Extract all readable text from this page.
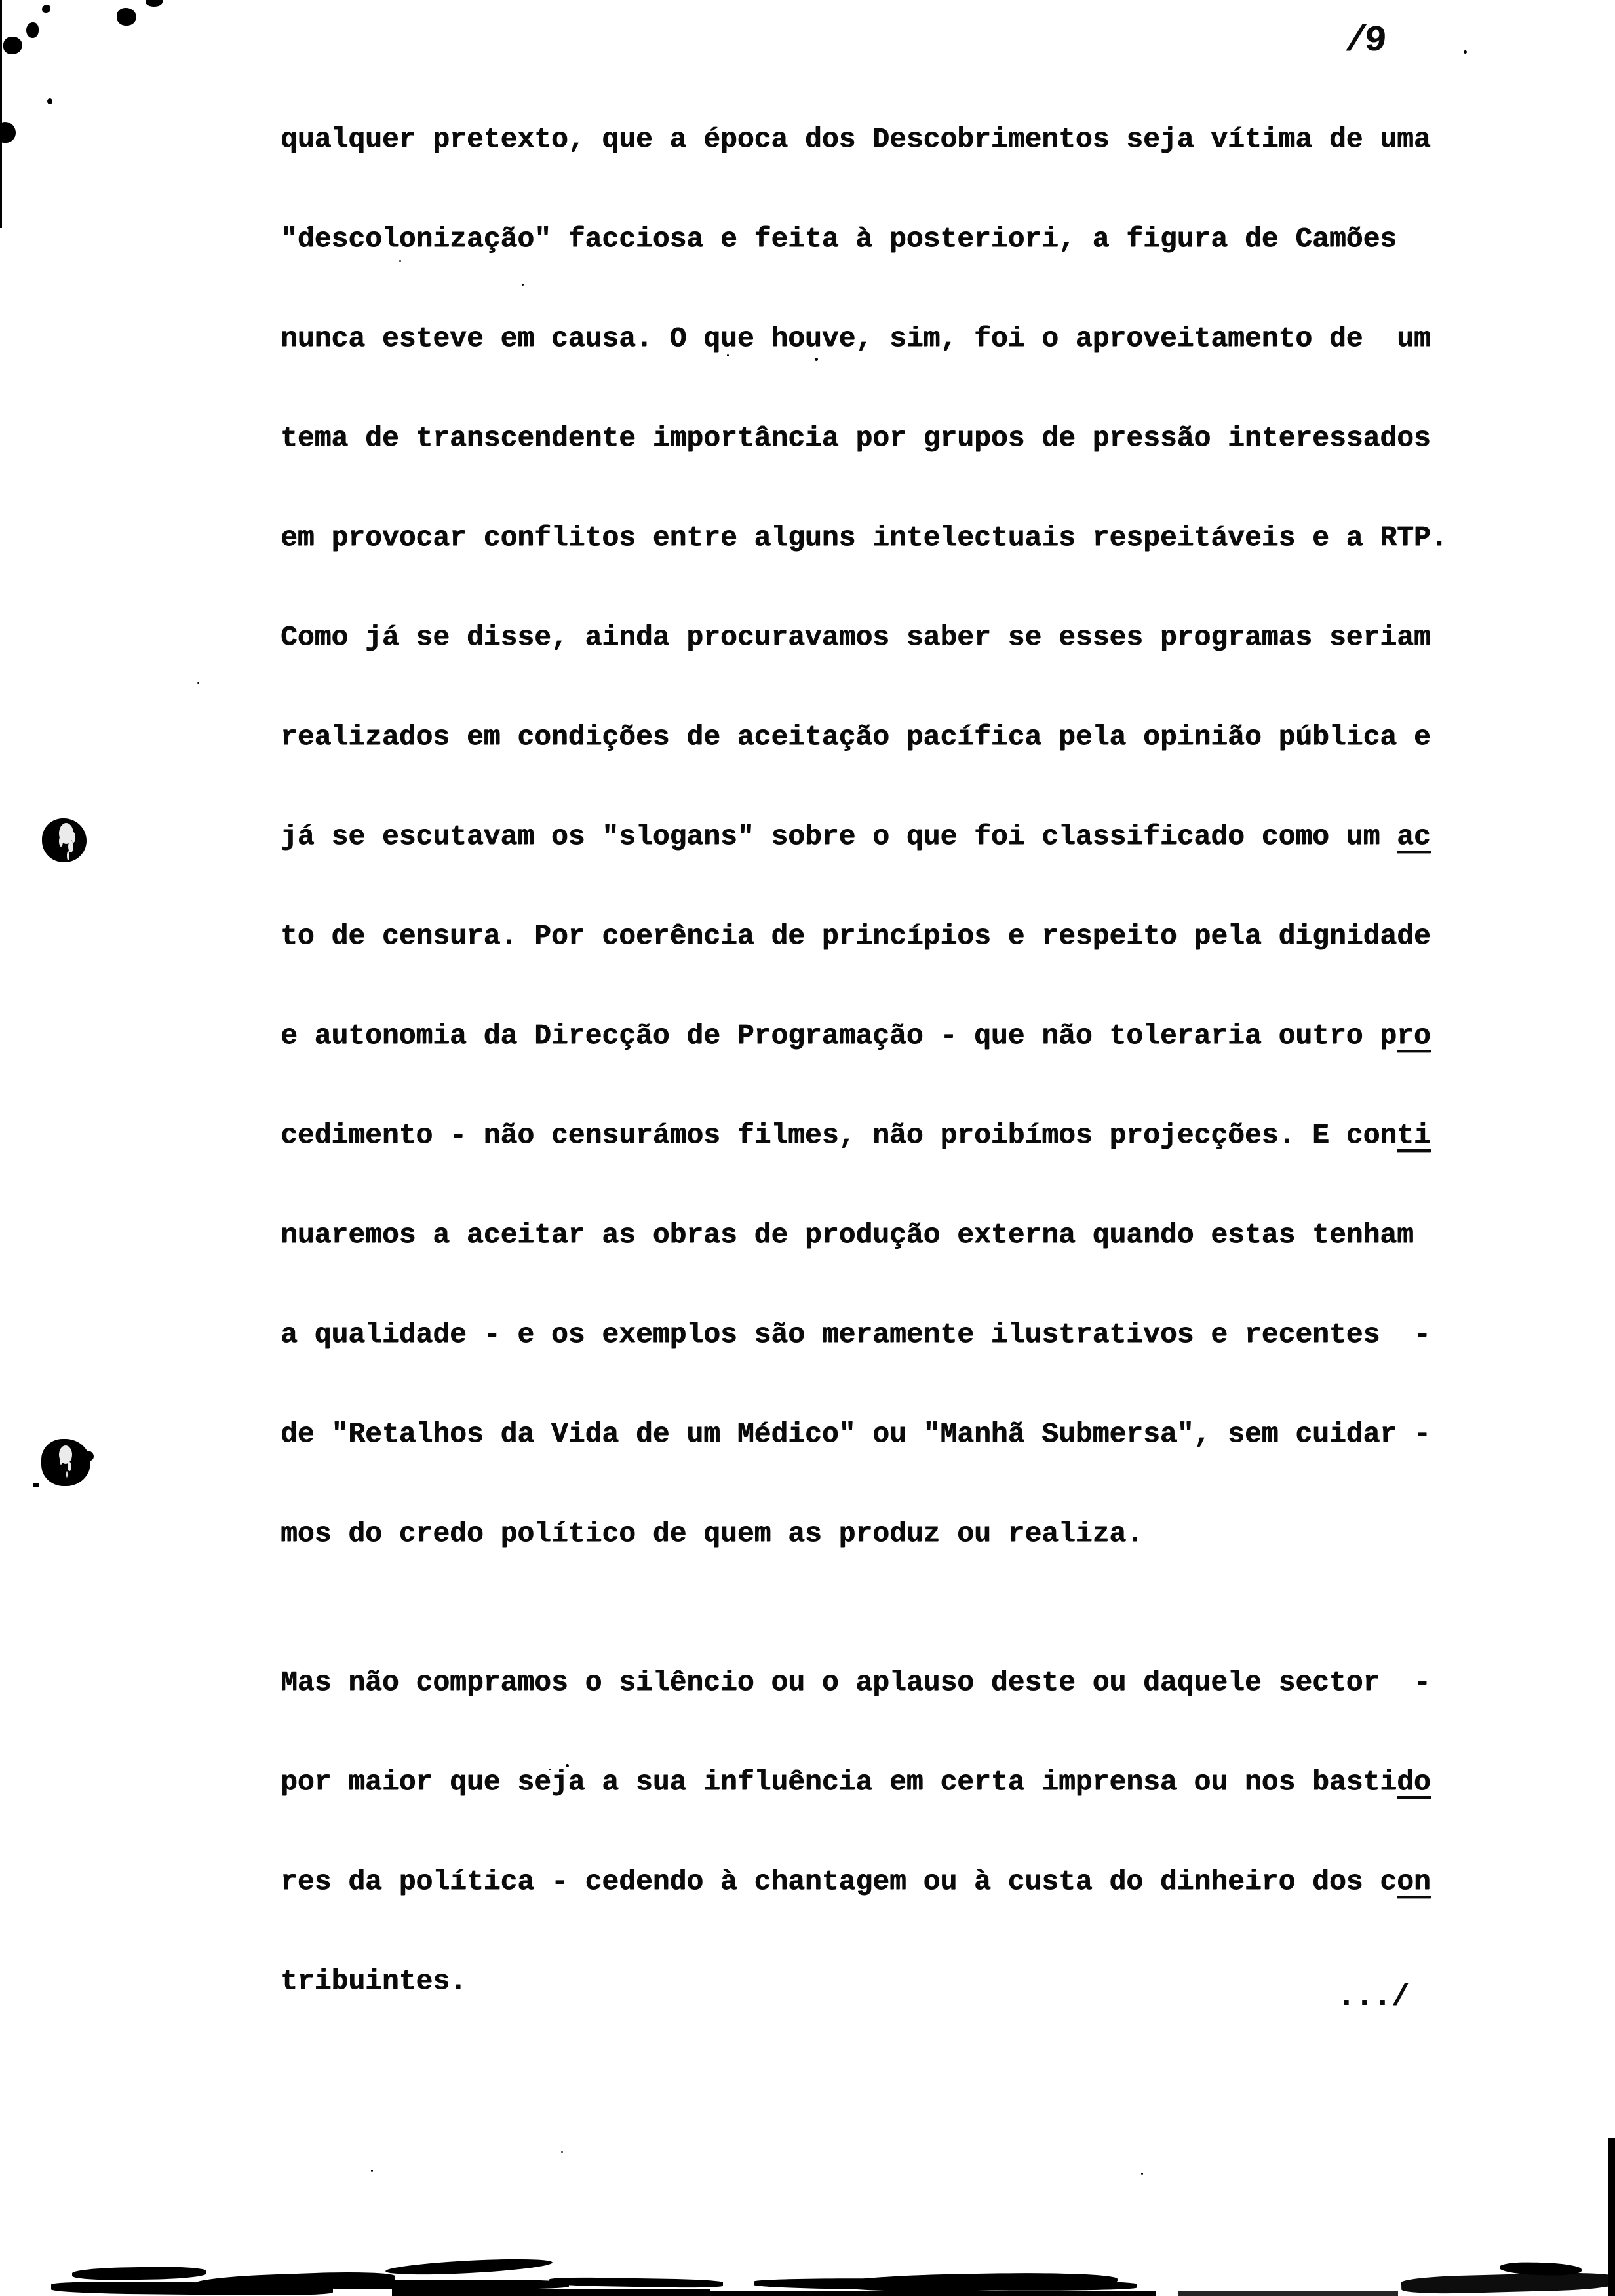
/9
qualquer pretexto, que a época dos Descobrimentos seja vítima de uma
"descolonização" facciosa e feita à posteriori, a figura de Camões
nunca esteve em causa. O que houve, sim, foi o aproveitamento de  um
tema de transcendente importância por grupos de pressão interessados
em provocar conflitos entre alguns intelectuais respeitáveis e a RTP.
Como já se disse, ainda procuravamos saber se esses programas seriam
realizados em condições de aceitação pacífica pela opinião pública e
já se escutavam os "slogans" sobre o que foi classificado como um ac
to de censura. Por coerência de princípios e respeito pela dignidade
e autonomia da Direcção de Programação - que não toleraria outro pro
cedimento - não censurámos filmes, não proibímos projecções. E conti
nuaremos a aceitar as obras de produção externa quando estas tenham
a qualidade - e os exemplos são meramente ilustrativos e recentes  -
de "Retalhos da Vida de um Médico" ou "Manhã Submersa", sem cuidar -
mos do credo político de quem as produz ou realiza.
Mas não compramos o silêncio ou o aplauso deste ou daquele sector  -
por maior que seja a sua influência em certa imprensa ou nos bastido
res da política - cedendo à chantagem ou à custa do dinheiro dos con
tribuintes.	.../
